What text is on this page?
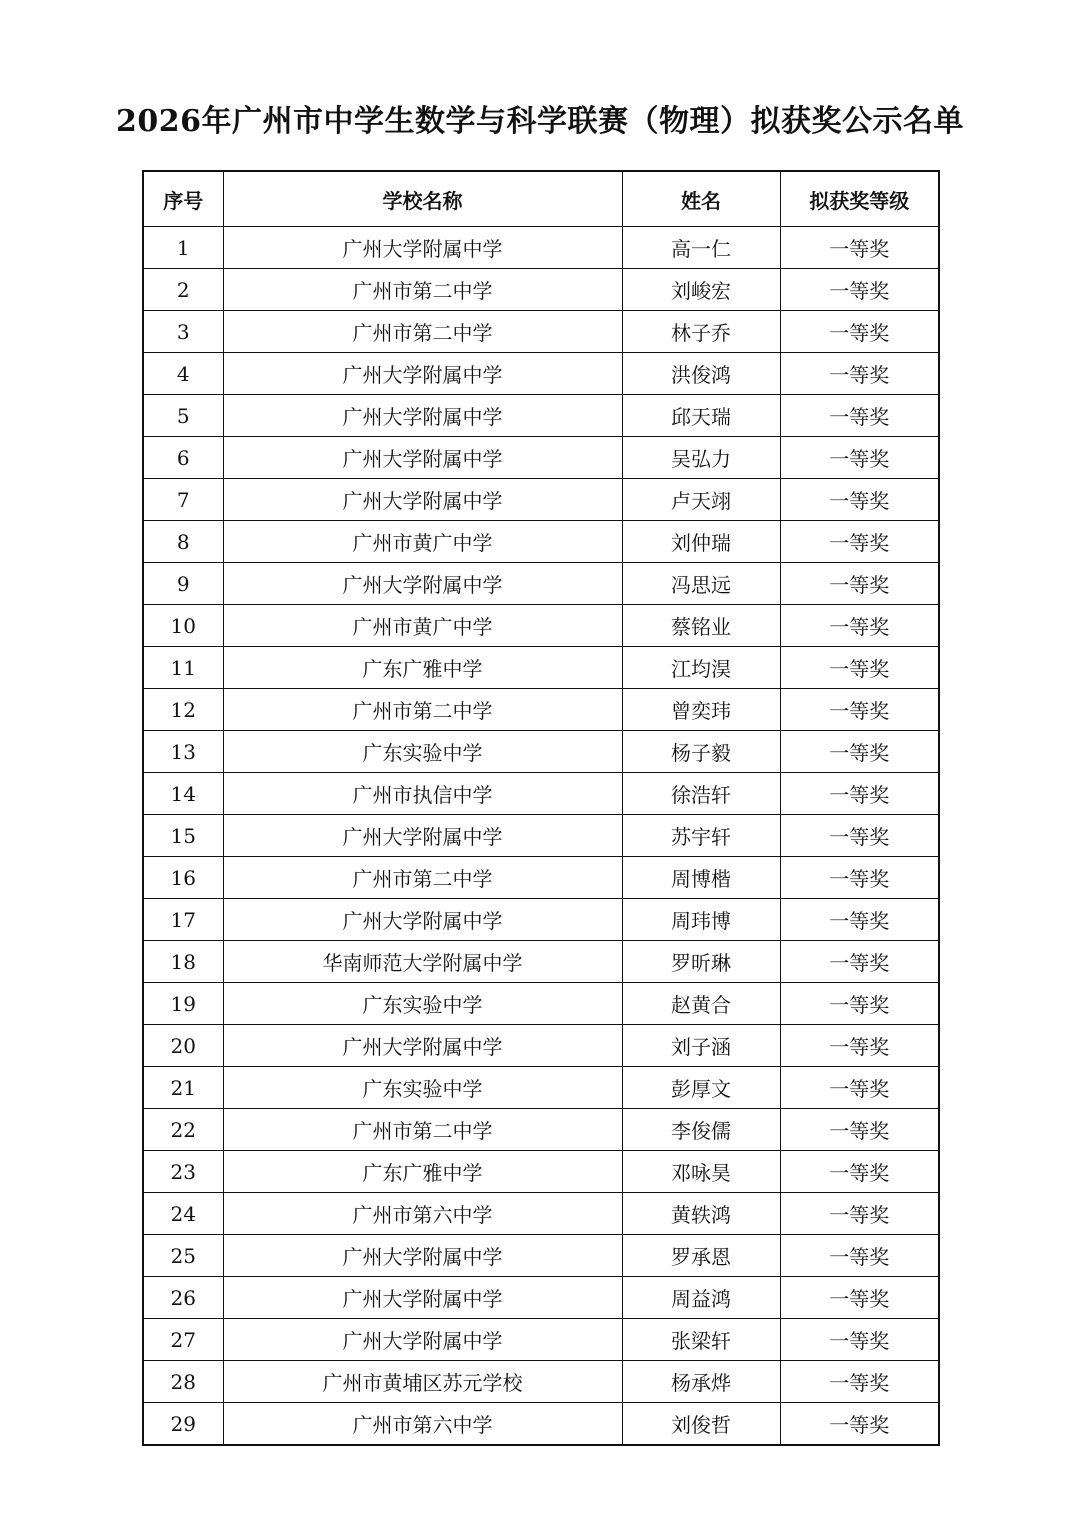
2026年广州市中学生数学与科学联赛（物理）拟获奖公示名单
序号	学校名称	姓名	拟获奖等级
1	广州大学附属中学	高一仁	一等奖
2	广州市第二中学	刘峻宏	一等奖
3	广州市第二中学	林子乔	一等奖
4	广州大学附属中学	洪俊鸿	一等奖
5	广州大学附属中学	邱天瑞	一等奖
6	广州大学附属中学	吴弘力	一等奖
7	广州大学附属中学	卢天翊	一等奖
8	广州市黄广中学	刘仲瑞	一等奖
9	广州大学附属中学	冯思远	一等奖
10	广州市黄广中学	蔡铭业	一等奖
11	广东广雅中学	江均淏	一等奖
12	广州市第二中学	曾奕玮	一等奖
13	广东实验中学	杨子毅	一等奖
14	广州市执信中学	徐浩轩	一等奖
15	广州大学附属中学	苏宇轩	一等奖
16	广州市第二中学	周博楷	一等奖
17	广州大学附属中学	周玮博	一等奖
18	华南师范大学附属中学	罗昕琳	一等奖
19	广东实验中学	赵黄合	一等奖
20	广州大学附属中学	刘子涵	一等奖
21	广东实验中学	彭厚文	一等奖
22	广州市第二中学	李俊儒	一等奖
23	广东广雅中学	邓咏昊	一等奖
24	广州市第六中学	黄轶鸿	一等奖
25	广州大学附属中学	罗承恩	一等奖
26	广州大学附属中学	周益鸿	一等奖
27	广州大学附属中学	张梁轩	一等奖
28	广州市黄埔区苏元学校	杨承烨	一等奖
29	广州市第六中学	刘俊哲	一等奖
